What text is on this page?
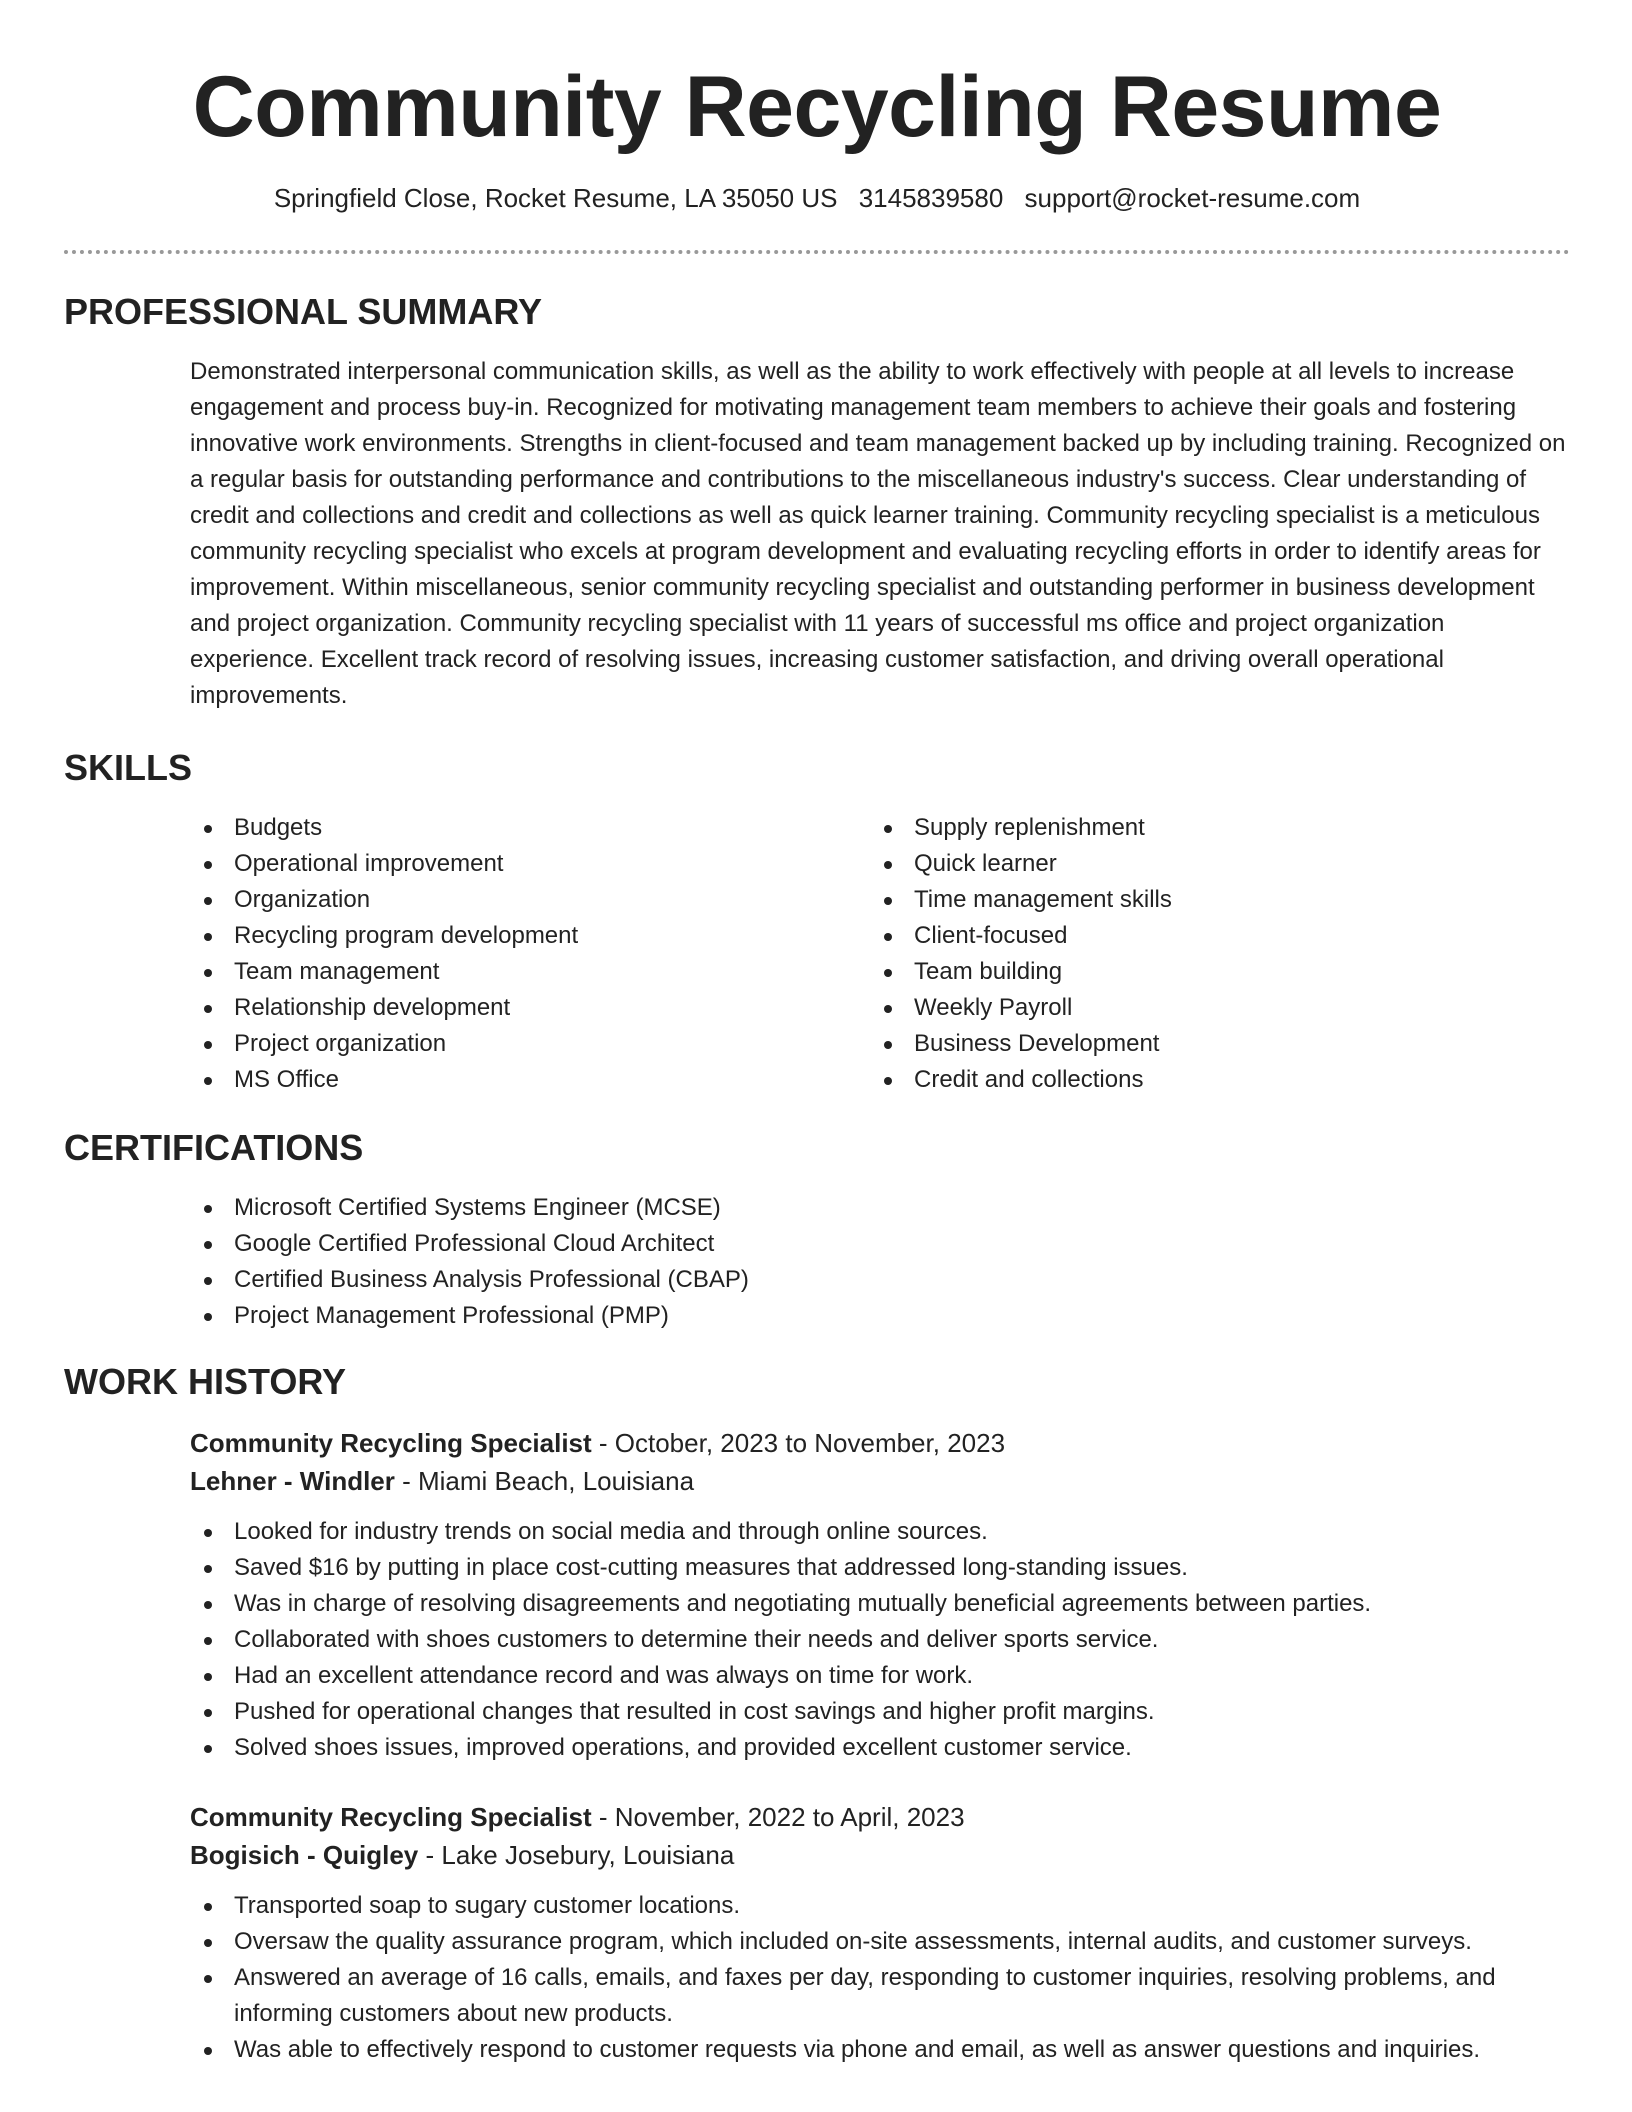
Community Recycling Resume
Springfield Close, Rocket Resume, LA 35050 US 3145839580 support@rocket-resume.com
PROFESSIONAL SUMMARY

Demonstrated interpersonal communication skills, as well as the ability to work effectively with people at all levels to increase engagement and process buy-in. Recognized for motivating management team members to achieve their goals and fostering innovative work environments. Strengths in client-focused and team management backed up by including training. Recognized on a regular basis for outstanding performance and contributions to the miscellaneous industry's success. Clear understanding of credit and collections and credit and collections as well as quick learner training. Community recycling specialist is a meticulous community recycling specialist who excels at program development and evaluating recycling efforts in order to identify areas for improvement. Within miscellaneous, senior community recycling specialist and outstanding performer in business development and project organization. Community recycling specialist with 11 years of successful ms office and project organization experience. Excellent track record of resolving issues, increasing customer satisfaction, and driving overall operational improvements.

SKILLS
Budgets
Operational improvement
Organization
Recycling program development
Team management
Relationship development
Project organization
MS Office
Supply replenishment
Quick learner
Time management skills
Client-focused
Team building
Weekly Payroll
Business Development
Credit and collections
CERTIFICATIONS
Microsoft Certified Systems Engineer (MCSE)
Google Certified Professional Cloud Architect
Certified Business Analysis Professional (CBAP)
Project Management Professional (PMP)
WORK HISTORY
Community Recycling Specialist - October, 2023 to November, 2023
Lehner - Windler - Miami Beach, Louisiana
Looked for industry trends on social media and through online sources.
Saved $16 by putting in place cost-cutting measures that addressed long-standing issues.
Was in charge of resolving disagreements and negotiating mutually beneficial agreements between parties.
Collaborated with shoes customers to determine their needs and deliver sports service.
Had an excellent attendance record and was always on time for work.
Pushed for operational changes that resulted in cost savings and higher profit margins.
Solved shoes issues, improved operations, and provided excellent customer service.
Community Recycling Specialist - November, 2022 to April, 2023
Bogisich - Quigley - Lake Josebury, Louisiana
Transported soap to sugary customer locations.
Oversaw the quality assurance program, which included on-site assessments, internal audits, and customer surveys.
Answered an average of 16 calls, emails, and faxes per day, responding to customer inquiries, resolving problems, and informing customers about new products.
Was able to effectively respond to customer requests via phone and email, as well as answer questions and inquiries.
